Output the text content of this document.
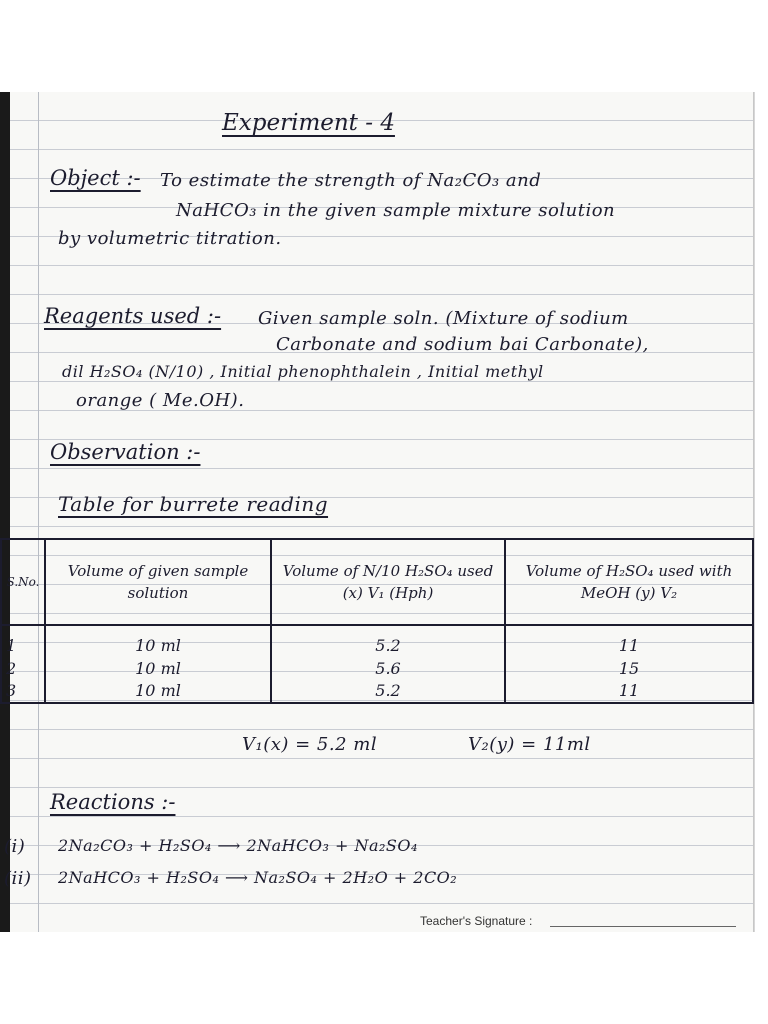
Experiment - 4
Object :- To estimate the strength of Na₂CO₃ and
NaHCO₃ in the given sample mixture solution
by volumetric titration.
Reagents used :- Given sample soln. (Mixture of sodium
Carbonate and sodium bai Carbonate),
dil H₂SO₄ (N/10) , Initial phenophthalein , Initial methyl
orange ( Me.OH).
Observation :-
Table for burrete reading
S.No.	Volume of given sample solution	Volume of N/10 H₂SO₄ used (x) V₁ (Hph)	Volume of H₂SO₄ used with MeOH (y) V₂
1	10 ml	5.2	11
2	10 ml	5.6	15
3	10 ml	5.2	11
V₁(x) = 5.2 ml	V₂(y) = 11ml
Reactions :-
(i) 2Na₂CO₃ + H₂SO₄ ⟶ 2NaHCO₃ + Na₂SO₄
(ii) 2NaHCO₃ + H₂SO₄ ⟶ Na₂SO₄ + 2H₂O + 2CO₂
Teacher's Signature :
